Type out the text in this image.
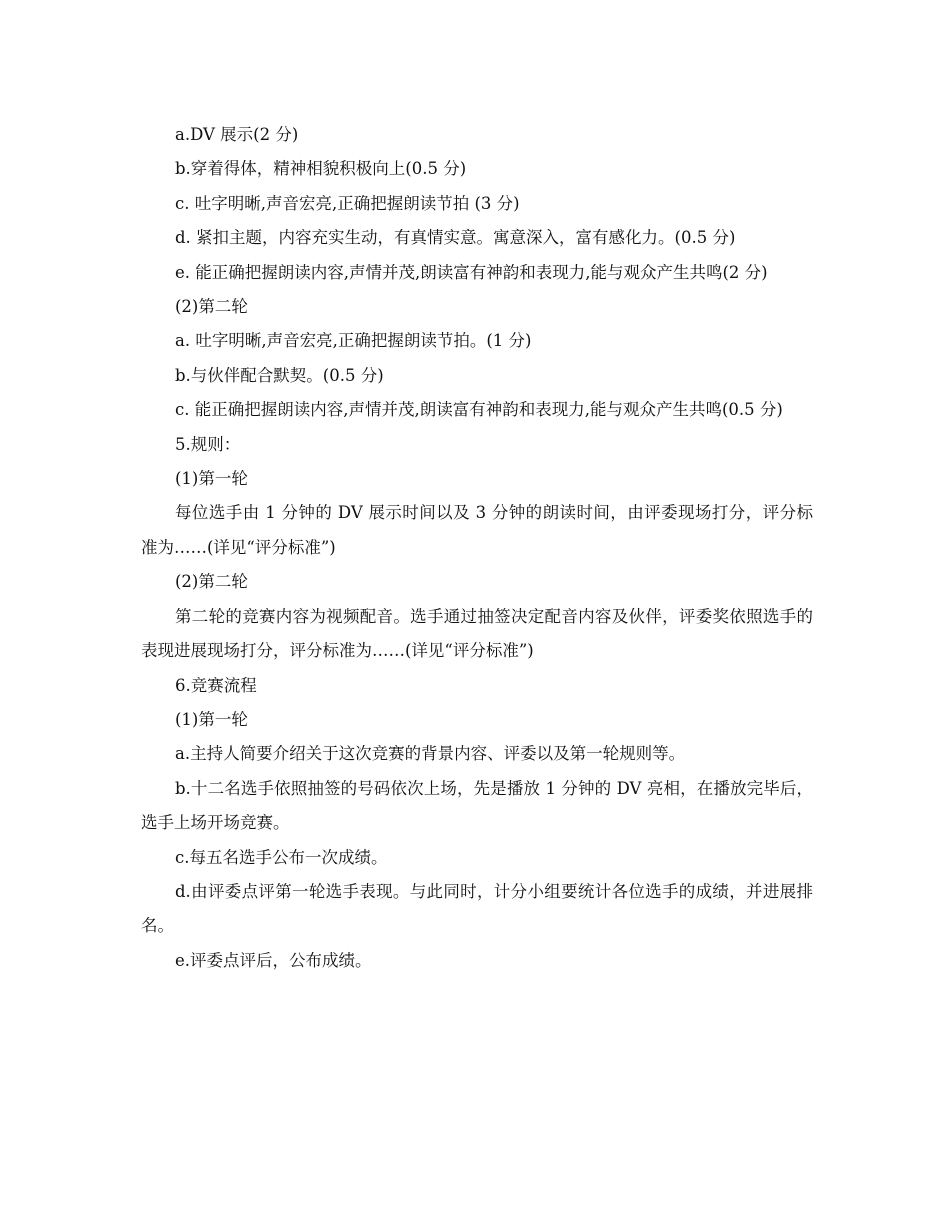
a.DV 展示(2 分)

b.穿着得体，精神相貌积极向上(0.5 分)

c. 吐字明晰,声音宏亮,正确把握朗读节拍 (3 分)

d. 紧扣主题，内容充实生动，有真情实意。寓意深入，富有感化力。(0.5 分)

e. 能正确把握朗读内容,声情并茂,朗读富有神韵和表现力,能与观众产生共鸣(2 分)

(2)第二轮

a. 吐字明晰,声音宏亮,正确把握朗读节拍。(1 分)

b.与伙伴配合默契。(0.5 分)

c. 能正确把握朗读内容,声情并茂,朗读富有神韵和表现力,能与观众产生共鸣(0.5 分)

5.规则：

(1)第一轮

每位选手由 1 分钟的 DV 展示时间以及 3 分钟的朗读时间，由评委现场打分，评分标准为……(详见“评分标准”)

(2)第二轮

第二轮的竞赛内容为视频配音。选手通过抽签决定配音内容及伙伴，评委奖依照选手的表现进展现场打分，评分标准为……(详见“评分标准”)

6.竞赛流程

(1)第一轮

a.主持人简要介绍关于这次竞赛的背景内容、评委以及第一轮规则等。

b.十二名选手依照抽签的号码依次上场，先是播放 1 分钟的 DV 亮相，在播放完毕后，选手上场开场竞赛。

c.每五名选手公布一次成绩。

d.由评委点评第一轮选手表现。与此同时，计分小组要统计各位选手的成绩，并进展排名。

e.评委点评后，公布成绩。
